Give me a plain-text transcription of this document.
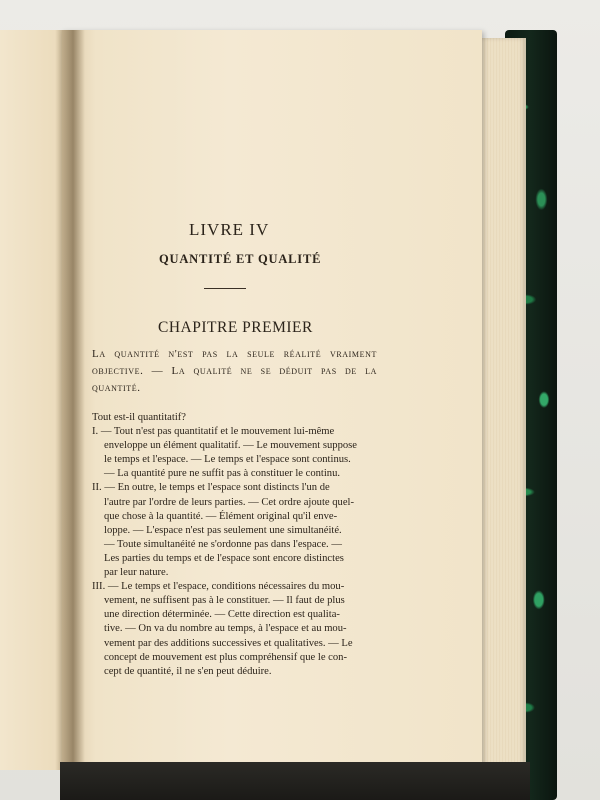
LIVRE IV
QUANTITÉ ET QUALITÉ
CHAPITRE PREMIER
La quantité n'est pas la seule réalité vraiment objective. — La qualité ne se déduit pas de la quantité.

Tout est-il quantitatif?

I. — Tout n'est pas quantitatif et le mouvement lui-même

enveloppe un élément qualitatif. — Le mouvement suppose

le temps et l'espace. — Le temps et l'espace sont continus.

— La quantité pure ne suffit pas à constituer le continu.

II. — En outre, le temps et l'espace sont distincts l'un de

l'autre par l'ordre de leurs parties. — Cet ordre ajoute quel-

que chose à la quantité. — Élément original qu'il enve-

loppe. — L'espace n'est pas seulement une simultanéité.

— Toute simultanéité ne s'ordonne pas dans l'espace. —

Les parties du temps et de l'espace sont encore distinctes

par leur nature.

III. — Le temps et l'espace, conditions nécessaires du mou-

vement, ne suffisent pas à le constituer. — Il faut de plus

une direction déterminée. — Cette direction est qualita-

tive. — On va du nombre au temps, à l'espace et au mou-

vement par des additions successives et qualitatives. — Le

concept de mouvement est plus compréhensif que le con-

cept de quantité, il ne s'en peut déduire.
